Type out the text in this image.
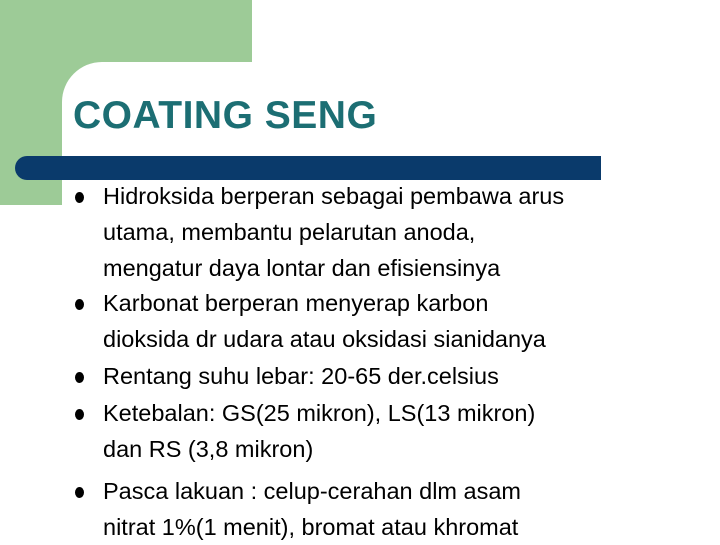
COATING SENG
Hidroksida berperan sebagai pembawa arus
utama, membantu pelarutan anoda,
mengatur daya lontar dan efisiensinya
Karbonat berperan menyerap karbon
dioksida dr udara atau oksidasi sianidanya
Rentang suhu lebar: 20-65 der.celsius
Ketebalan: GS(25 mikron), LS(13 mikron)
dan RS (3,8 mikron)
Pasca lakuan : celup-cerahan dlm asam
nitrat 1%(1 menit), bromat atau khromat
